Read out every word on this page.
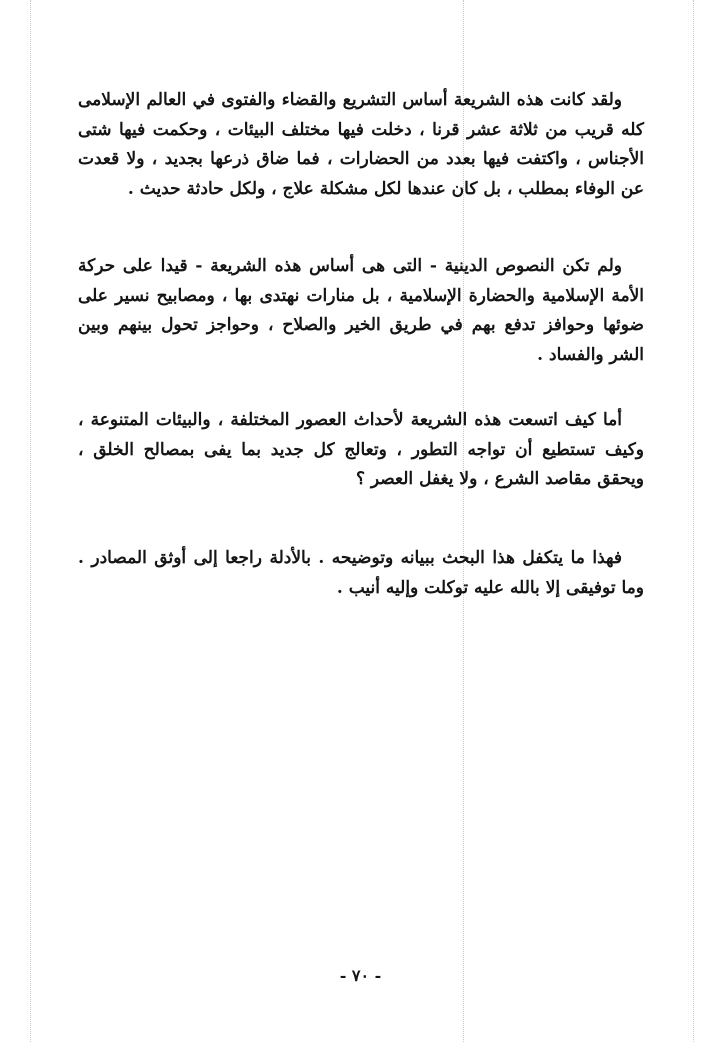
ولقد كانت هذه الشريعة أساس التشريع والقضاء والفتوى في العالم الإسلامى كله قريب من ثلاثة عشر قرنا ، دخلت فيها مختلف البيئات ، وحكمت فيها شتى الأجناس ، واكتفت فيها بعدد من الحضارات ، فما ضاق ذرعها بجديد ، ولا قعدت عن الوفاء بمطلب ، بل كان عندها لكل مشكلة علاج ، ولكل حادثة حديث .

ولم تكن النصوص الدينية - التى هى أساس هذه الشريعة - قيدا على حركة الأمة الإسلامية والحضارة الإسلامية ، بل منارات نهتدى بها ، ومصابيح نسير على ضوئها وحوافز تدفع بهم في طريق الخير والصلاح ، وحواجز تحول بينهم وبين الشر والفساد .

أما كيف اتسعت هذه الشريعة لأحداث العصور المختلفة ، والبيئات المتنوعة ، وكيف تستطيع أن تواجه التطور ، وتعالج كل جديد بما يفى بمصالح الخلق ، ويحقق مقاصد الشرع ، ولا يغفل العصر ؟

فهذا ما يتكفل هذا البحث ببيانه وتوضيحه . بالأدلة راجعا إلى أوثق المصادر . وما توفيقى إلا بالله عليه توكلت وإليه أنيب .

- ٧٠ -
